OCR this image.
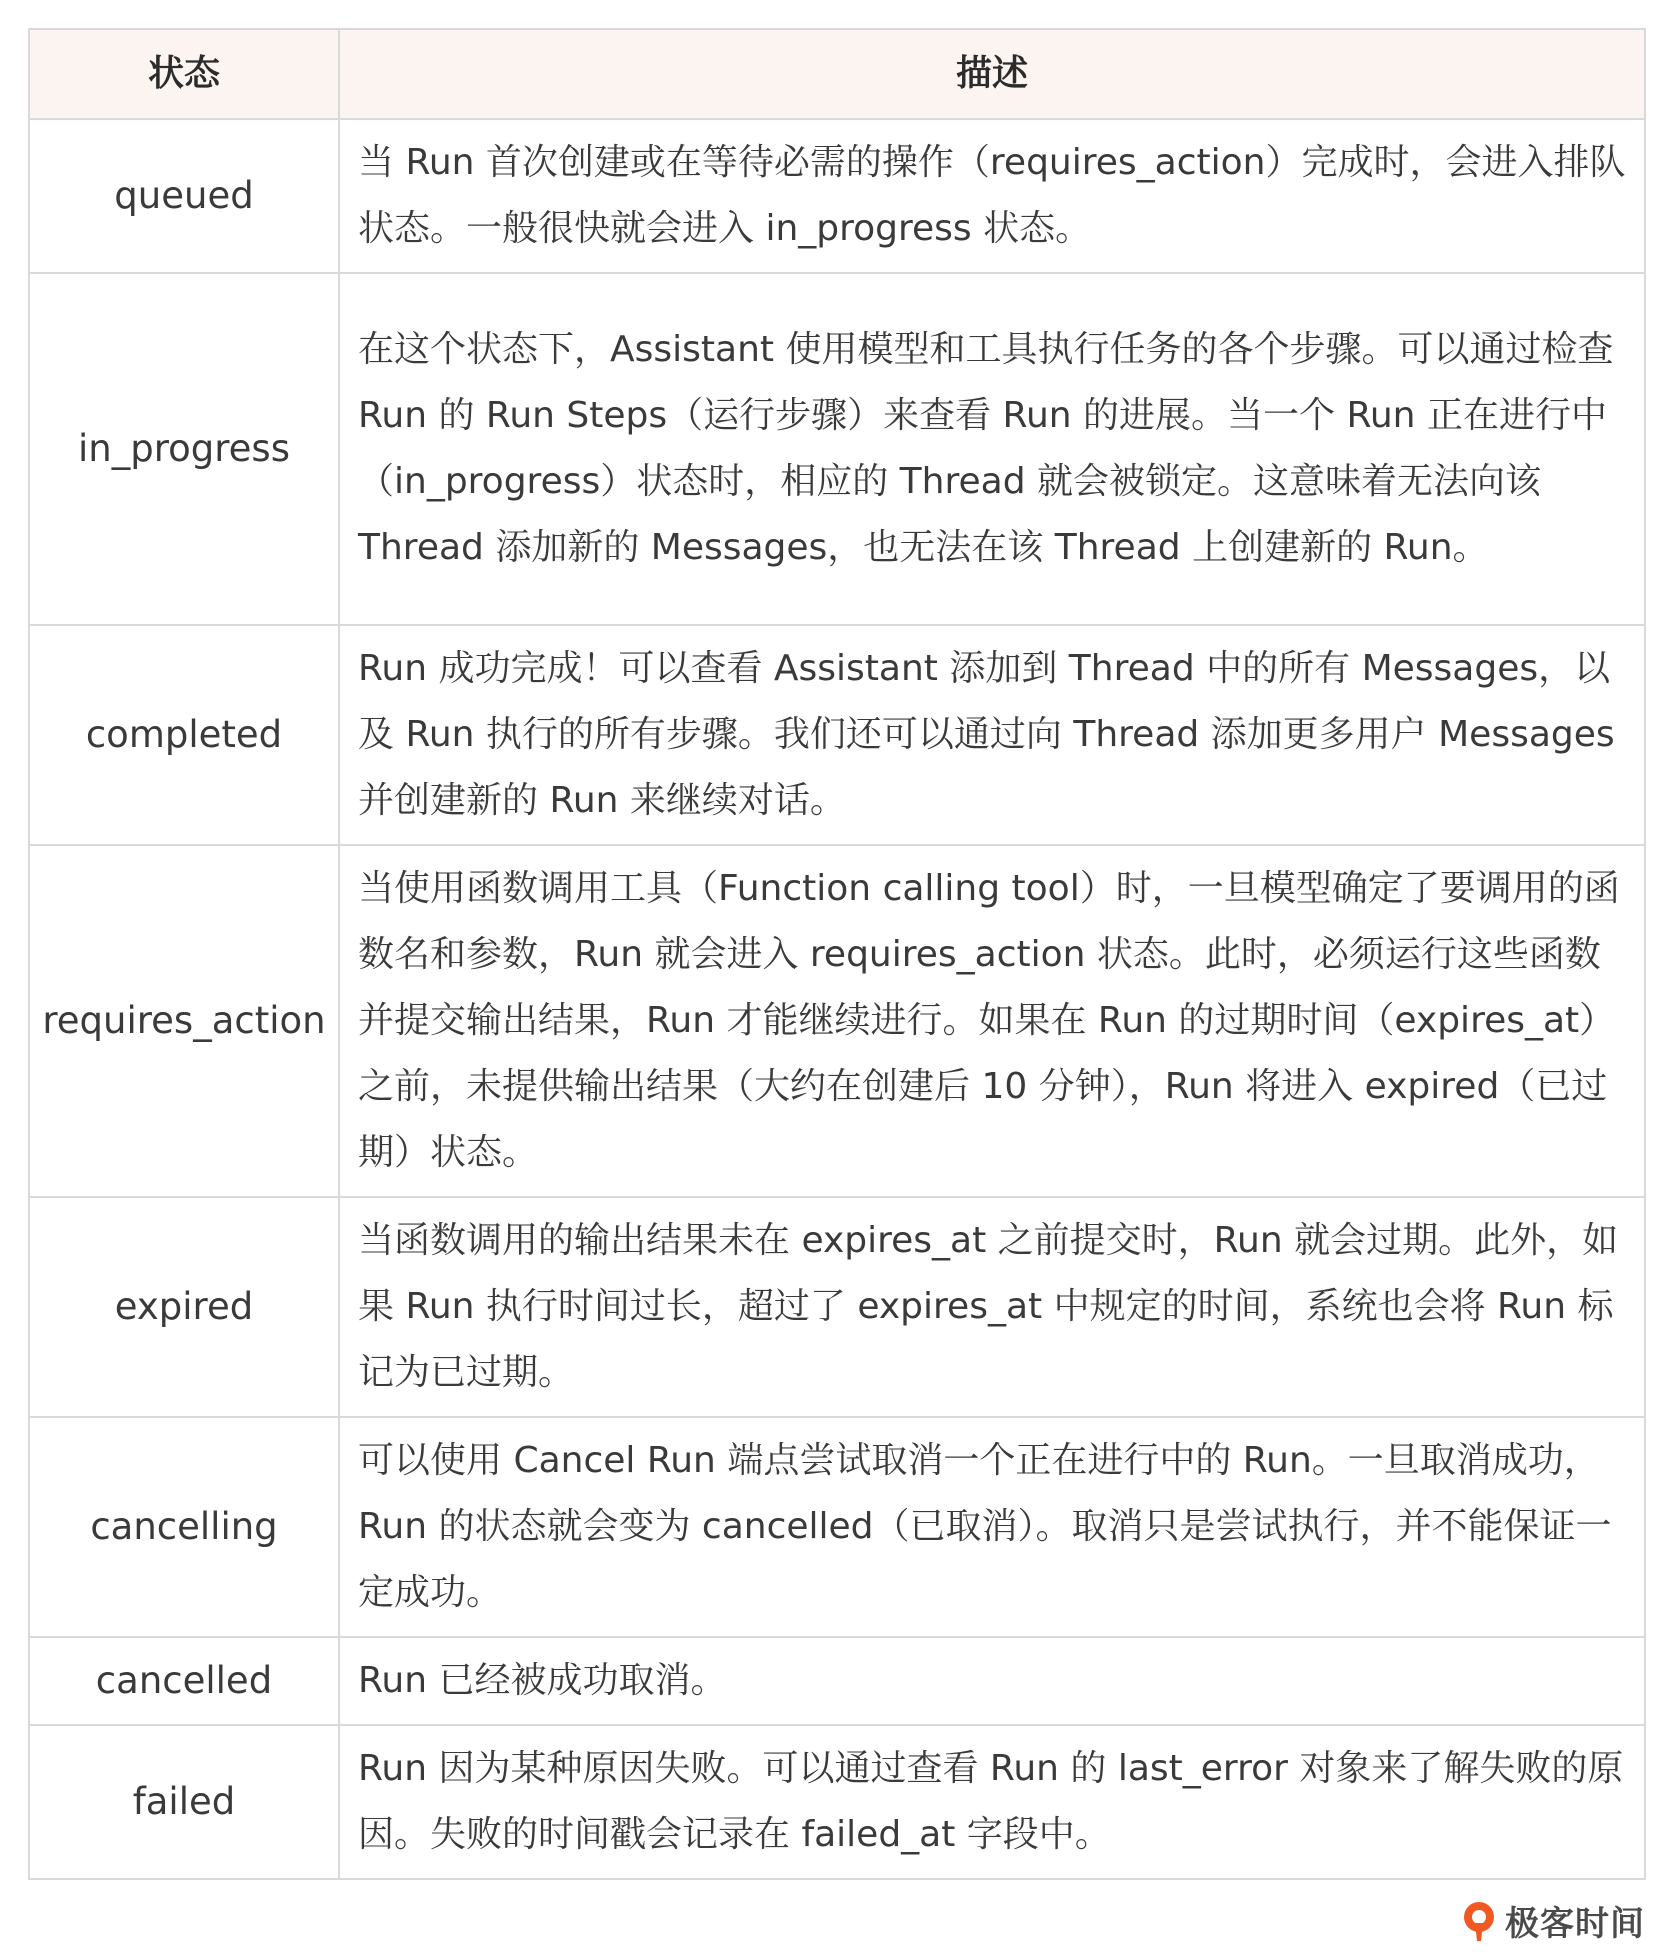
状态	描述
queued	当 Run 首次创建或在等待必需的操作（requires_action）完成时，会进入排队状态。一般很快就会进入 in_progress 状态。
in_progress	在这个状态下，Assistant 使用模型和工具执行任务的各个步骤。可以通过检查 Run 的 Run Steps（运行步骤）来查看 Run 的进展。当一个 Run 正在进行中（in_progress）状态时，相应的 Thread 就会被锁定。这意味着无法向该 Thread 添加新的 Messages，也无法在该 Thread 上创建新的 Run。
completed	Run 成功完成！可以查看 Assistant 添加到 Thread 中的所有 Messages，以及 Run 执行的所有步骤。我们还可以通过向 Thread 添加更多用户 Messages 并创建新的 Run 来继续对话。
requires_action	当使用函数调用工具（Function calling tool）时，一旦模型确定了要调用的函数名和参数，Run 就会进入 requires_action 状态。此时，必须运行这些函数并提交输出结果，Run 才能继续进行。如果在 Run 的过期时间（expires_at）之前，未提供输出结果（大约在创建后 10 分钟），Run 将进入 expired（已过期）状态。
expired	当函数调用的输出结果未在 expires_at 之前提交时，Run 就会过期。此外，如果 Run 执行时间过长，超过了 expires_at 中规定的时间，系统也会将 Run 标记为已过期。
cancelling	可以使用 Cancel Run 端点尝试取消一个正在进行中的 Run。一旦取消成功，Run 的状态就会变为 cancelled（已取消）。取消只是尝试执行，并不能保证一定成功。
cancelled	Run 已经被成功取消。
failed	Run 因为某种原因失败。可以通过查看 Run 的 last_error 对象来了解失败的原因。失败的时间戳会记录在 failed_at 字段中。
极客时间
